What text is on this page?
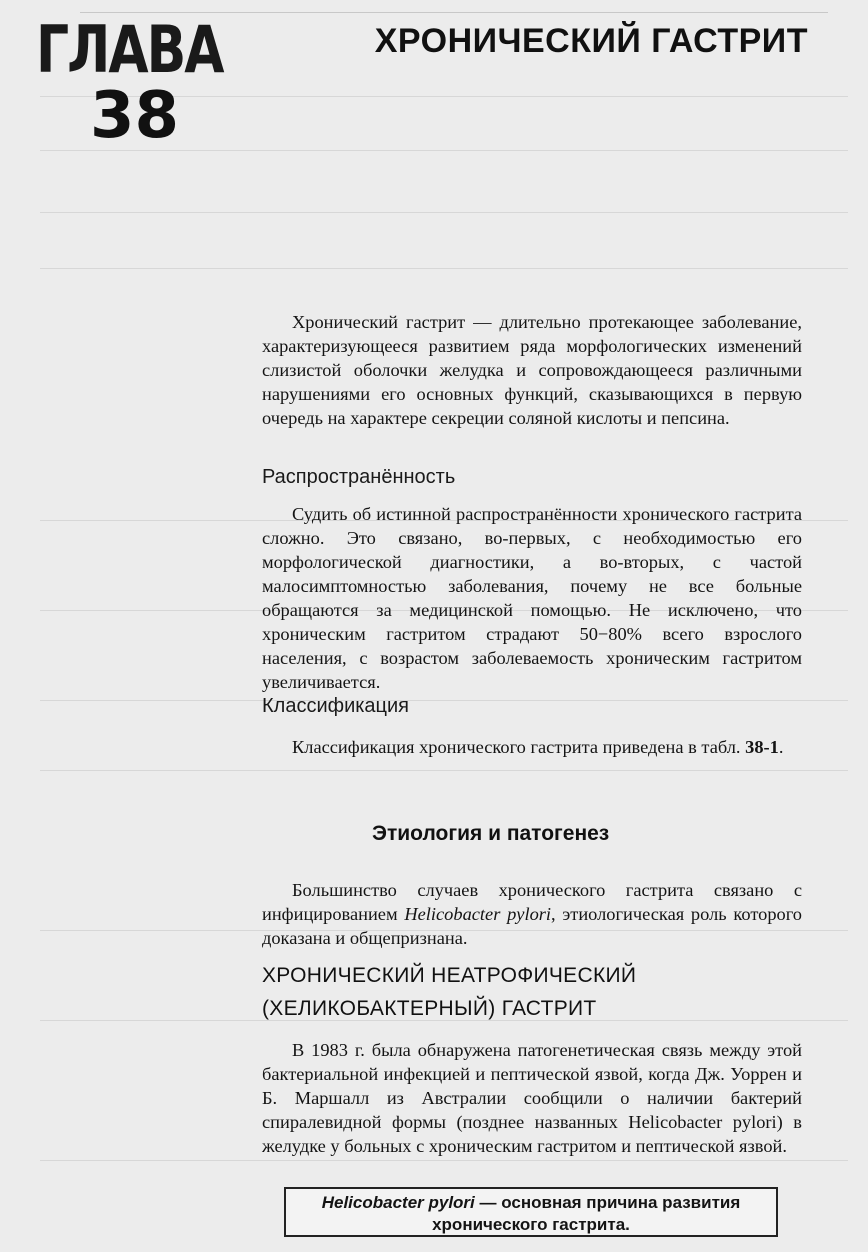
ГЛАВА
38
ХРОНИЧЕСКИЙ ГАСТРИТ

Хронический гастрит — длительно протекающее заболевание, характеризующееся развитием ряда морфологических изменений слизистой оболочки желудка и сопровождающееся различными нарушениями его основных функций, сказывающихся в первую очередь на характере секреции соляной кислоты и пепсина.

Распространённость

Судить об истинной распространённости хронического гастрита сложно. Это связано, во-первых, с необходимостью его морфологической диагностики, а во-вторых, с частой малосимптомностью заболевания, почему не все больные обращаются за медицинской помощью. Не исключено, что хроническим гастритом страдают 50−80% всего взрослого населения, с возрастом заболеваемость хроническим гастритом увеличивается.

Классификация

Классификация хронического гастрита приведена в табл. 38-1.

Этиология и патогенез

Большинство случаев хронического гастрита связано с инфицированием Helicobacter pylori, этиологическая роль которого доказана и общепризнана.

ХРОНИЧЕСКИЙ НЕАТРОФИЧЕСКИЙ
(ХЕЛИКОБАКТЕРНЫЙ) ГАСТРИТ

В 1983 г. была обнаружена патогенетическая связь между этой бактериальной инфекцией и пептической язвой, когда Дж. Уоррен и Б. Маршалл из Австралии сообщили о наличии бактерий спиралевидной формы (позднее названных Helicobacter pylori) в желудке у больных с хроническим гастритом и пептической язвой.

Helicobacter pylori — основная причина развития
хронического гастрита.
